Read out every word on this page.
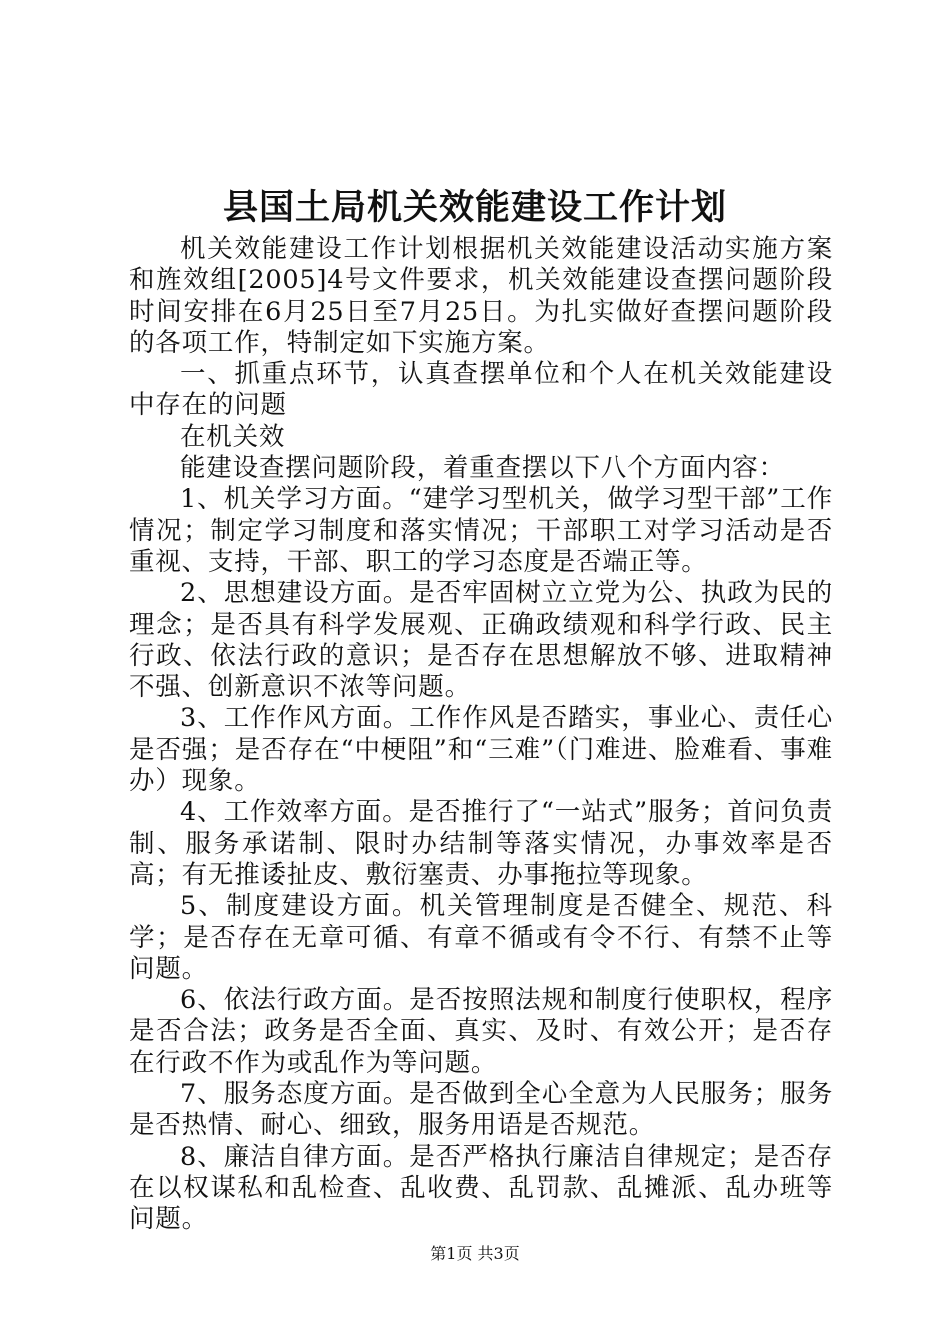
县国土局机关效能建设工作计划

机关效能建设工作计划根据机关效能建设活动实施方案和旌效组[2005]4号文件要求，机关效能建设查摆问题阶段时间安排在6月25日至7月25日。为扎实做好查摆问题阶段的各项工作，特制定如下实施方案。

一、抓重点环节，认真查摆单位和个人在机关效能建设中存在的问题

在机关效

能建设查摆问题阶段，着重查摆以下八个方面内容：

1、机关学习方面。“建学习型机关，做学习型干部”工作情况；制定学习制度和落实情况；干部职工对学习活动是否重视、支持，干部、职工的学习态度是否端正等。

2、思想建设方面。是否牢固树立立党为公、执政为民的理念；是否具有科学发展观、正确政绩观和科学行政、民主行政、依法行政的意识；是否存在思想解放不够、进取精神不强、创新意识不浓等问题。

3、工作作风方面。工作作风是否踏实，事业心、责任心是否强；是否存在“中梗阻”和“三难”（门难进、脸难看、事难办）现象。

4、工作效率方面。是否推行了“一站式”服务；首问负责制、服务承诺制、限时办结制等落实情况，办事效率是否高；有无推诿扯皮、敷衍塞责、办事拖拉等现象。

5、制度建设方面。机关管理制度是否健全、规范、科学；是否存在无章可循、有章不循或有令不行、有禁不止等问题。

6、依法行政方面。是否按照法规和制度行使职权，程序是否合法；政务是否全面、真实、及时、有效公开；是否存在行政不作为或乱作为等问题。

7、服务态度方面。是否做到全心全意为人民服务；服务是否热情、耐心、细致，服务用语是否规范。

8、廉洁自律方面。是否严格执行廉洁自律规定；是否存在以权谋私和乱检查、乱收费、乱罚款、乱摊派、乱办班等问题。

第1页 共3页
